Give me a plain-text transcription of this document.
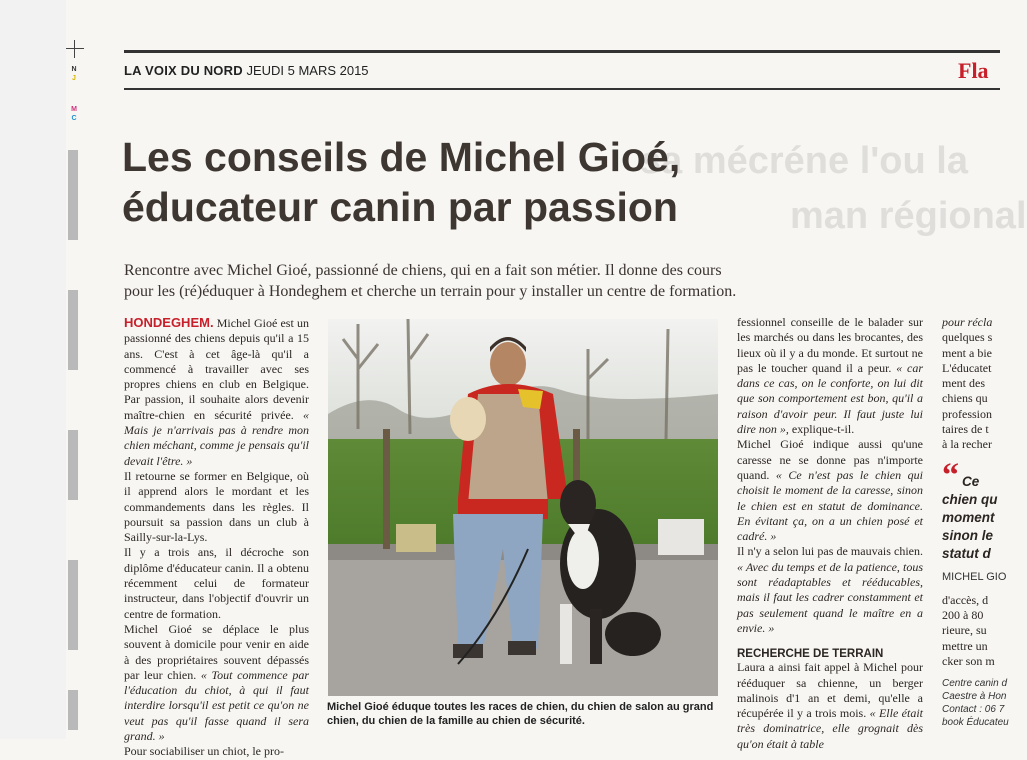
N
J
M
C
LA VOIX DU NORD JEUDI 5 MARS 2015	Fla
sa mécréne l'ou la
man régional
Les conseils de Michel Gioé,
éducateur canin par passion
Rencontre avec Michel Gioé, passionné de chiens, qui en a fait son métier. Il donne des cours
pour les (ré)éduquer à Hondeghem et cherche un terrain pour y installer un centre de formation.

HONDEGHEM. Michel Gioé est un passionné des chiens depuis qu'il a 15 ans. C'est à cet âge-là qu'il a commencé à travailler avec ses propres chiens en club en Belgique. Par passion, il souhaite alors devenir maître-chien en sécurité privée. « Mais je n'arrivais pas à rendre mon chien méchant, comme je pensais qu'il devait l'être. »

Il retourne se former en Belgique, où il apprend alors le mordant et les commandements dans les règles. Il poursuit sa passion dans un club à Sailly-sur-la-Lys.

Il y a trois ans, il décroche son diplôme d'éducateur canin. Il a obtenu récemment celui de formateur instructeur, dans l'objectif d'ouvrir un centre de formation.

Michel Gioé se déplace le plus souvent à domicile pour venir en aide à des propriétaires souvent dépassés par leur chien. « Tout commence par l'éducation du chiot, à qui il faut interdire lorsqu'il est petit ce qu'on ne veut pas qu'il fasse quand il sera grand. »

Pour sociabiliser un chiot, le pro-

Michel Gioé éduque toutes les races de chien, du chien de salon au grand chien, du chien de la famille au chien de sécurité.

fessionnel conseille de le balader sur les marchés ou dans les brocantes, des lieux où il y a du monde. Et surtout ne pas le toucher quand il a peur. « car dans ce cas, on le conforte, on lui dit que son comportement est bon, qu'il a raison d'avoir peur. Il faut juste lui dire non », explique-t-il.

Michel Gioé indique aussi qu'une caresse ne se donne pas n'importe quand. « Ce n'est pas le chien qui choisit le moment de la caresse, sinon le chien est en statut de dominance. En évitant ça, on a un chien posé et cadré. »

Il n'y a selon lui pas de mauvais chien. « Avec du temps et de la patience, tous sont réadaptables et rééducables, mais il faut les cadrer constamment et pas seulement quand le maître en a envie. »

RECHERCHE DE TERRAIN

Laura a ainsi fait appel à Michel pour rééduquer sa chienne, un berger malinois d'1 an et demi, qu'elle a récupérée il y a trois mois. « Elle était très dominatrice, elle grognait dès qu'on était à table

pour récla
quelques s
ment a bie
L'éducatet
ment des
chiens qu
profession
taires de t
à la recher
“ Ce
chien qu
moment
sinon le
statut d
MICHEL GIO
d'accès, d
200 à 80
rieure, su
mettre un
cker son m
Centre canin d
Caestre à Hon
Contact : 06 7
book Éducateu
